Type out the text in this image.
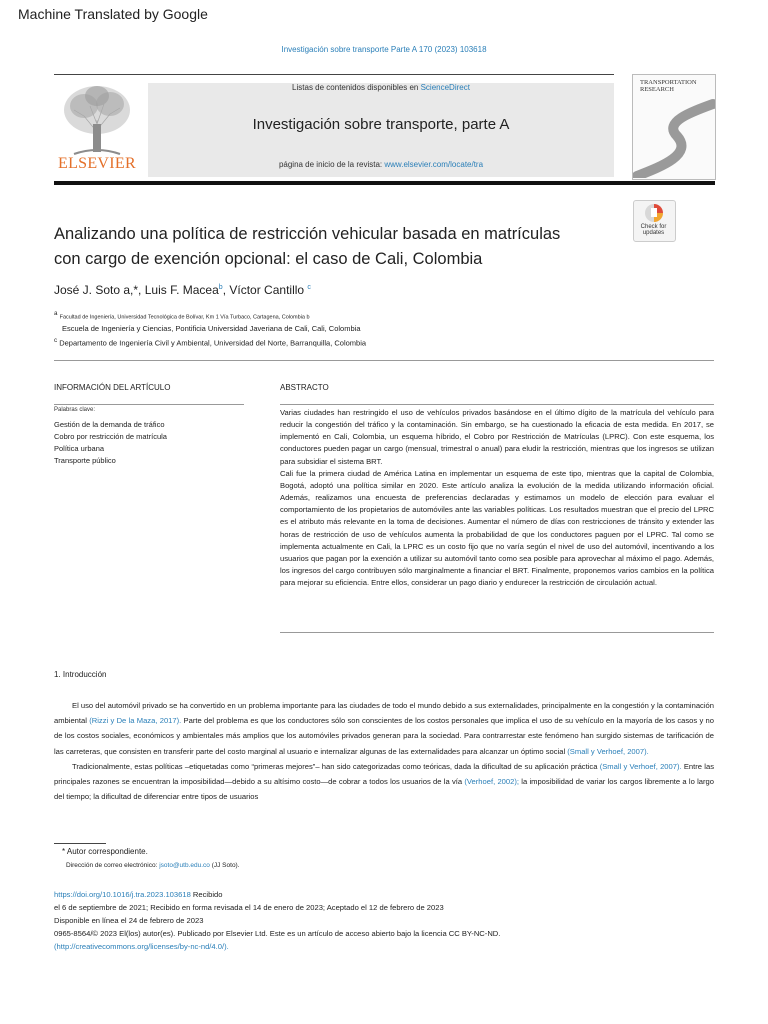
Machine Translated by Google
Investigación sobre transporte Parte A 170 (2023) 103618
ELSEVIER
Listas de contenidos disponibles en ScienceDirect
Investigación sobre transporte, parte A
página de inicio de la revista: www.elsevier.com/locate/tra
TRANSPORTATION
RESEARCH
Check for
updates
Analizando una política de restricción vehicular basada en matrículas
con cargo de exención opcional: el caso de Cali, Colombia
José J. Soto a,*, Luis F. Macea$^b$, Víctor Cantillo $^c$
$^a$ Facultad de Ingeniería, Universidad Tecnológica de Bolívar, Km 1 Vía Turbaco, Cartagena, Colombia b
Escuela de Ingeniería y Ciencias, Pontificia Universidad Javeriana de Cali, Cali, Colombia
$^c$ Departamento de Ingeniería Civil y Ambiental, Universidad del Norte, Barranquilla, Colombia
INFORMACIÓN DEL ARTÍCULO
Palabras clave:
Gestión de la demanda de tráfico
Cobro por restricción de matrícula
Política urbana
Transporte público
ABSTRACTO

Varias ciudades han restringido el uso de vehículos privados basándose en el último dígito de la matrícula del vehículo para reducir la congestión del tráfico y la contaminación. Sin embargo, se ha cuestionado la eficacia de esta medida. En 2017, se implementó en Cali, Colombia, un esquema híbrido, el Cobro por Restricción de Matrículas (LPRC). Con este esquema, los conductores pueden pagar un cargo (mensual, trimestral o anual) para eludir la restricción, mientras que los ingresos se utilizan para subsidiar el sistema BRT.

Cali fue la primera ciudad de América Latina en implementar un esquema de este tipo, mientras que la capital de Colombia, Bogotá, adoptó una política similar en 2020. Este artículo analiza la evolución de la medida utilizando información oficial. Además, realizamos una encuesta de preferencias declaradas y estimamos un modelo de elección para evaluar el comportamiento de los propietarios de automóviles ante las variables políticas. Los resultados muestran que el precio del LPRC es el atributo más relevante en la toma de decisiones. Aumentar el número de días con restricciones de tránsito y extender las horas de restricción de uso de vehículos aumenta la probabilidad de que los conductores paguen por el LPRC. Tal como se implementa actualmente en Cali, la LPRC es un costo fijo que no varía según el nivel de uso del automóvil, incentivando a los usuarios que pagan por la exención a utilizar su automóvil tanto como sea posible para aprovechar al máximo el pago. Además, los ingresos del cargo contribuyen sólo marginalmente a financiar el BRT. Finalmente, proponemos varios cambios en la política para mejorar su eficiencia. Entre ellos, considerar un pago diario y endurecer la restricción de circulación actual.

1. Introducción

El uso del automóvil privado se ha convertido en un problema importante para las ciudades de todo el mundo debido a sus externalidades, principalmente en la congestión y la contaminación ambiental (Rizzi y De la Maza, 2017). Parte del problema es que los conductores sólo son conscientes de los costos personales que implica el uso de su vehículo en la mayoría de los casos y no de los costos sociales, económicos y ambientales más amplios que los automóviles privados generan para la sociedad. Para contrarrestar este fenómeno han surgido sistemas de tarificación de las carreteras, que consisten en transferir parte del costo marginal al usuario e internalizar algunas de las externalidades para alcanzar un óptimo social (Small y Verhoef, 2007).

Tradicionalmente, estas políticas –etiquetadas como “primeras mejores”– han sido categorizadas como teóricas, dada la dificultad de su aplicación práctica (Small y Verhoef, 2007). Entre las principales razones se encuentran la imposibilidad—debido a su altísimo costo—de cobrar a todos los usuarios de la vía (Verhoef, 2002); la imposibilidad de variar los cargos libremente a lo largo del tiempo; la dificultad de diferenciar entre tipos de usuarios

* Autor correspondiente.
Dirección de correo electrónico: jsoto@utb.edu.co (JJ Soto).
https://doi.org/10.1016/j.tra.2023.103618 Recibido
el 6 de septiembre de 2021; Recibido en forma revisada el 14 de enero de 2023; Aceptado el 12 de febrero de 2023
Disponible en línea el 24 de febrero de 2023
0965-8564/© 2023 El(los) autor(es). Publicado por Elsevier Ltd. Este es un artículo de acceso abierto bajo la licencia CC BY-NC-ND.
(http://creativecommons.org/licenses/by-nc-nd/4.0/).
